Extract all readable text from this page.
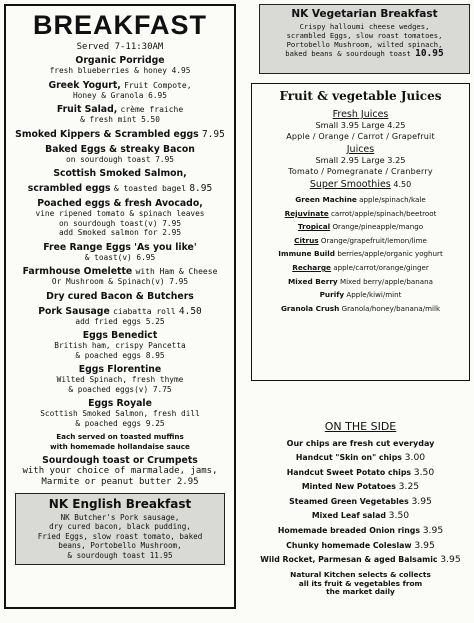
BREAKFAST
Served 7-11:30AM
Organic Porridge
fresh blueberries & honey 4.95
Greek Yogurt, Fruit Compote,
Honey & Granola 6.95
Fruit Salad, crème fraiche
& fresh mint 5.50
Smoked Kippers & Scrambled eggs 7.95
Baked Eggs & streaky Bacon
on sourdough toast 7.95
Scottish Smoked Salmon,
scrambled eggs & toasted bagel 8.95
Poached eggs & fresh Avocado,
vine ripened tomato & spinach leaves
on sourdough toast(v) 7.95
add Smoked salmon for 2.95
Free Range Eggs 'As you like'
& toast(v) 6.95
Farmhouse Omelette with Ham & Cheese
Or Mushroom & Spinach(v) 7.95
Dry cured Bacon & Butchers
Pork Sausage ciabatta roll 4.50
add fried eggs 5.25
Eggs Benedict
British ham, crispy Pancetta
& poached eggs 8.95
Eggs Florentine
Wilted Spinach, fresh thyme
& poached eggs(v) 7.75
Eggs Royale
Scottish Smoked Salmon, fresh dill
& poached eggs 9.25
Each served on toasted muffins
with homemade hollandaise sauce
Sourdough toast or Crumpets
with your choice of marmalade, jams,
Marmite or peanut butter 2.95
NK English Breakfast
NK Butcher's Pork sausage,
dry cured bacon, black pudding,
Fried Eggs, slow roast tomato, baked
beans, Portobello Mushroom,
& sourdough toast 11.95
NK Vegetarian Breakfast
Crispy halloumi cheese wedges,
scrambled Eggs, slow roast tomatoes,
Portobello Mushroom, wilted spinach,
baked beans & sourdough toast 10.95
Fruit & vegetable Juices
Fresh Juices
Small 3.95 Large 4.25
Apple / Orange / Carrot / Grapefruit
Juices
Small 2.95 Large 3.25
Tomato / Pomegranate / Cranberry
Super Smoothies 4.50
Green Machine apple/spinach/kale
Rejuvinate carrot/apple/spinach/beetroot
Tropical Orange/pineapple/mango
Citrus Orange/grapefruit/lemon/lime
Immune Build berries/apple/organic yoghurt
Recharge apple/carrot/orange/ginger
Mixed Berry Mixed berry/apple/banana
Purify Apple/kiwi/mint
Granola Crush Granola/honey/banana/milk
ON THE SIDE
Our chips are fresh cut everyday
Handcut "Skin on" chips 3.00
Handcut Sweet Potato chips 3.50
Minted New Potatoes 3.25
Steamed Green Vegetables 3.95
Mixed Leaf salad 3.50
Homemade breaded Onion rings 3.95
Chunky homemade Coleslaw 3.95
Wild Rocket, Parmesan & aged Balsamic 3.95
Natural Kitchen selects & collects
all its fruit & vegetables from
the market daily
